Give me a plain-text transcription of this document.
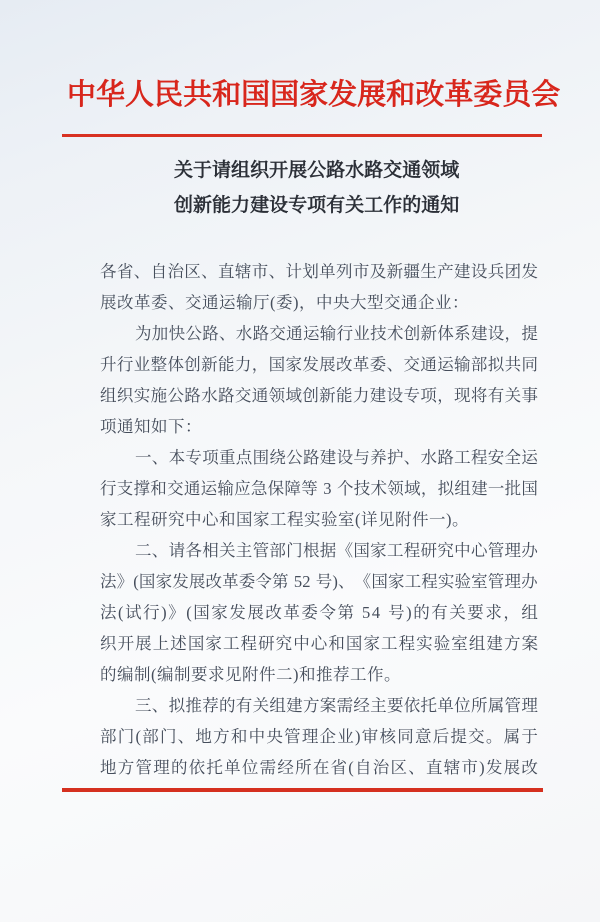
中 华 人 民 共 和 国 国 家 发 展 和 改 革 委 员 会
关 于 请 组 织 开 展 公 路 水 路 交 通 领 域
创 新 能 力 建 设 专 项 有 关 工 作 的 通 知
各 省 、 自 治 区 、 直 辖 市 、 计 划 单 列 市 及 新 疆 生 产 建 设 兵 团 发
展改革委、交通运输厅(委)，中央大型交通企业：
为 加 快 公 路 、 水 路 交 通 运 输 行 业 技 术 创 新 体 系 建 设 ， 提
升 行 业 整 体 创 新 能 力 ， 国 家 发 展 改 革 委 、 交 通 运 输 部 拟 共 同
组 织 实 施 公 路 水 路 交 通 领 域 创 新 能 力 建 设 专 项 ， 现 将 有 关 事
项通知如下：
一 、 本 专 项 重 点 围 绕 公 路 建 设 与 养 护 、 水 路 工 程 安 全 运
行 支 撑 和 交 通 运 输 应 急 保 障 等 3 个 技 术 领 域 ， 拟 组 建 一 批 国
家工程研究中心和国家工程实验室(详见附件一)。
二 、 请 各 相 关 主 管 部 门 根 据 《 国 家 工 程 研 究 中 心 管 理 办
法 》 ( 国 家 发 展 改 革 委 令 第 5 2 号 ) 、 《 国 家 工 程 实 验 室 管 理 办
法 ( 试 行 ) 》 ( 国 家 发 展 改 革 委 令 第 5 4 号 ) 的 有 关 要 求 ， 组
织 开 展 上 述 国 家 工 程 研 究 中 心 和 国 家 工 程 实 验 室 组 建 方 案
的编制(编制要求见附件二)和推荐工作。
三 、 拟 推 荐 的 有 关 组 建 方 案 需 经 主 要 依 托 单 位 所 属 管 理
部 门 ( 部 门 、 地 方 和 中 央 管 理 企 业 ) 审 核 同 意 后 提 交 。 属 于
地 方 管 理 的 依 托 单 位 需 经 所 在 省 ( 自 治 区 、 直 辖 市 ) 发 展 改
